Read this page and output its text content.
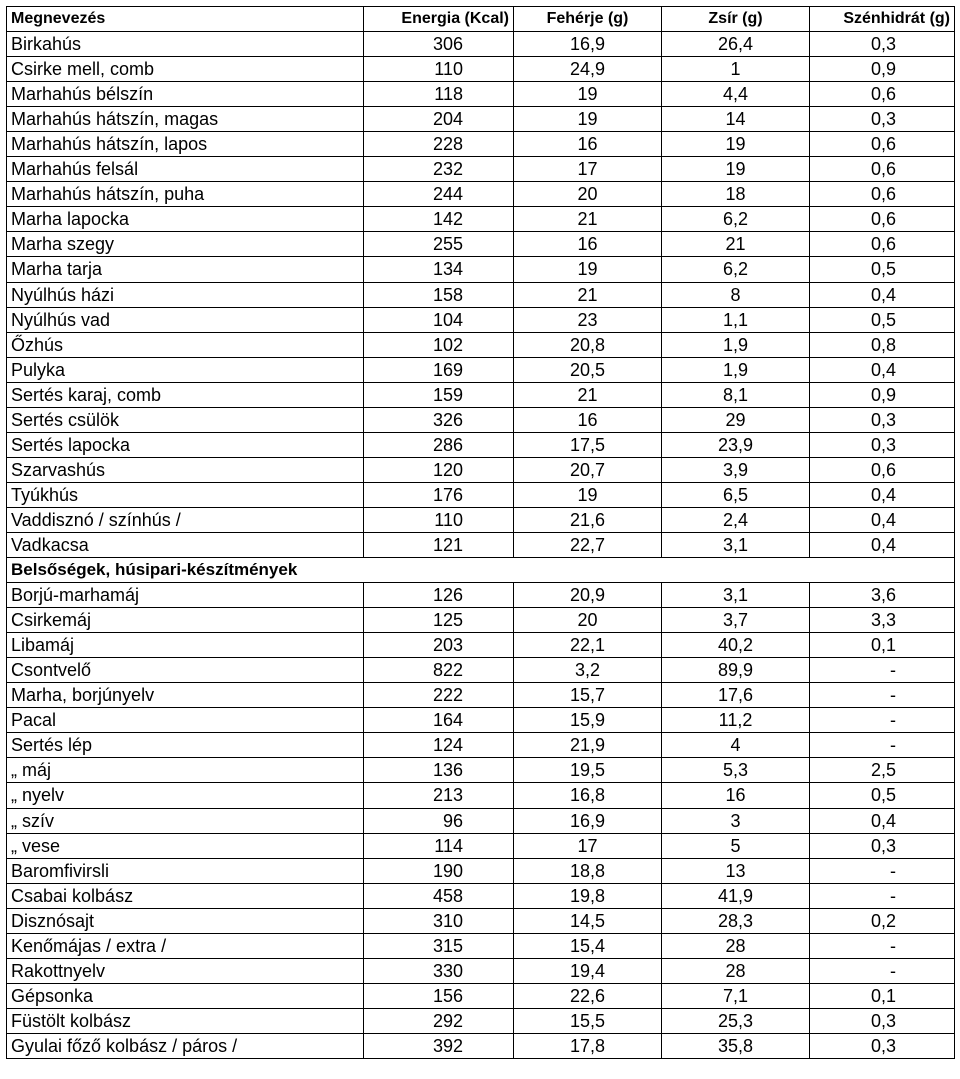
Megnevezés	Energia (Kcal)	Fehérje (g)	Zsír (g)	Szénhidrát (g)
Birkahús	306	16,9	26,4	0,3
Csirke mell, comb	110	24,9	1	0,9
Marhahús bélszín	118	19	4,4	0,6
Marhahús hátszín, magas	204	19	14	0,3
Marhahús hátszín, lapos	228	16	19	0,6
Marhahús felsál	232	17	19	0,6
Marhahús hátszín, puha	244	20	18	0,6
Marha lapocka	142	21	6,2	0,6
Marha szegy	255	16	21	0,6
Marha tarja	134	19	6,2	0,5
Nyúlhús házi	158	21	8	0,4
Nyúlhús vad	104	23	1,1	0,5
Őzhús	102	20,8	1,9	0,8
Pulyka	169	20,5	1,9	0,4
Sertés karaj, comb	159	21	8,1	0,9
Sertés csülök	326	16	29	0,3
Sertés lapocka	286	17,5	23,9	0,3
Szarvashús	120	20,7	3,9	0,6
Tyúkhús	176	19	6,5	0,4
Vaddisznó / színhús /	110	21,6	2,4	0,4
Vadkacsa	121	22,7	3,1	0,4
Belsőségek, húsipari-készítmények				
Borjú-marhamáj	126	20,9	3,1	3,6
Csirkemáj	125	20	3,7	3,3
Libamáj	203	22,1	40,2	0,1
Csontvelő	822	3,2	89,9	-
Marha, borjúnyelv	222	15,7	17,6	-
Pacal	164	15,9	11,2	-
Sertés lép	124	21,9	4	-
„ máj	136	19,5	5,3	2,5
„ nyelv	213	16,8	16	0,5
„ szív	96	16,9	3	0,4
„ vese	114	17	5	0,3
Baromfivirsli	190	18,8	13	-
Csabai kolbász	458	19,8	41,9	-
Disznósajt	310	14,5	28,3	0,2
Kenőmájas / extra /	315	15,4	28	-
Rakottnyelv	330	19,4	28	-
Gépsonka	156	22,6	7,1	0,1
Füstölt kolbász	292	15,5	25,3	0,3
Gyulai főző kolbász / páros /	392	17,8	35,8	0,3
